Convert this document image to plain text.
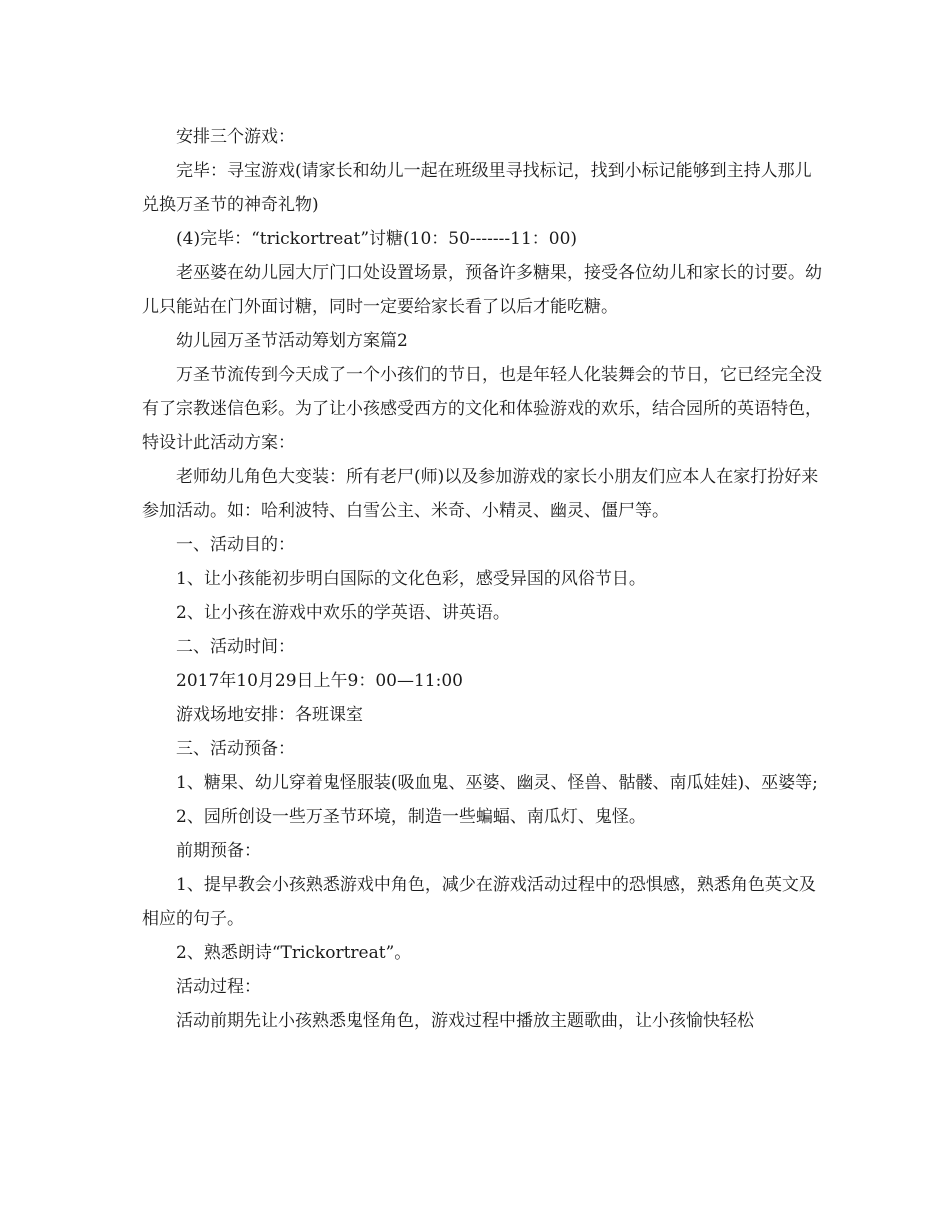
安排三个游戏：

完毕：寻宝游戏(请家长和幼儿一起在班级里寻找标记，找到小标记能够到主持人那儿兑换万圣节的神奇礼物)

(4)完毕：“trickortreat”讨糖(10：50-------11：00)

老巫婆在幼儿园大厅门口处设置场景，预备许多糖果，接受各位幼儿和家长的讨要。幼儿只能站在门外面讨糖，同时一定要给家长看了以后才能吃糖。

幼儿园万圣节活动筹划方案篇2

万圣节流传到今天成了一个小孩们的节日，也是年轻人化装舞会的节日，它已经完全没有了宗教迷信色彩。为了让小孩感受西方的文化和体验游戏的欢乐，结合园所的英语特色，特设计此活动方案：

老师幼儿角色大变装：所有老尸(师)以及参加游戏的家长小朋友们应本人在家打扮好来参加活动。如：哈利波特、白雪公主、米奇、小精灵、幽灵、僵尸等。

一、活动目的：

1、让小孩能初步明白国际的文化色彩，感受异国的风俗节日。

2、让小孩在游戏中欢乐的学英语、讲英语。

二、活动时间：

2017年10月29日上午9：00—11:00

游戏场地安排：各班课室

三、活动预备：

1、糖果、幼儿穿着鬼怪服装(吸血鬼、巫婆、幽灵、怪兽、骷髅、南瓜娃娃)、巫婆等;

2、园所创设一些万圣节环境，制造一些蝙蝠、南瓜灯、鬼怪。

前期预备：

1、提早教会小孩熟悉游戏中角色，减少在游戏活动过程中的恐惧感，熟悉角色英文及相应的句子。

2、熟悉朗诗“Trickortreat”。

活动过程：

活动前期先让小孩熟悉鬼怪角色，游戏过程中播放主题歌曲，让小孩愉快轻松
